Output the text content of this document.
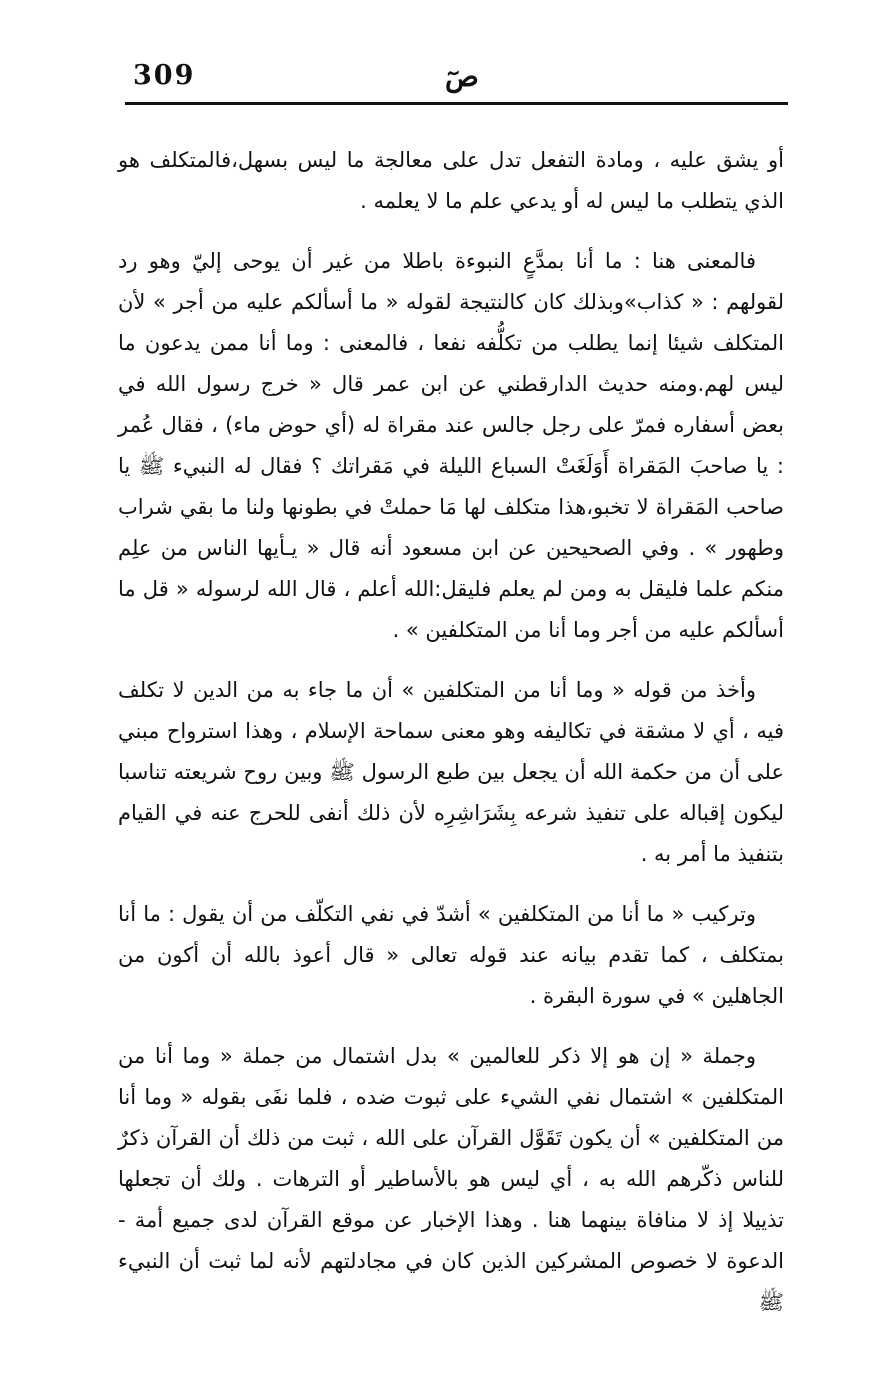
309	صٓ

أو يشق عليه ، ومادة التفعل تدل على معالجة ما ليس بسهل،فالمتكلف هو الذي يتطلب ما ليس له أو يدعي علم ما لا يعلمه .

فالمعنى هنا : ما أنا بمدَّعٍ النبوءة باطلا من غير أن يوحى إليّ وهو رد لقولهم : « كذاب»وبذلك كان كالنتيجة لقوله « ما أسألكم عليه من أجر » لأن المتكلف شيئا إنما يطلب من تكلُّفه نفعا ، فالمعنى : وما أنا ممن يدعون ما ليس لهم.ومنه حديث الدارقطني عن ابن عمر قال « خرج رسول الله في بعض أسفاره فمرّ على رجل جالس عند مقراة له (أي حوض ماء) ، فقال عُمر : يا صاحبَ المَقراة أَوَلَغَتْ السباع الليلة في مَقراتك ؟ فقال له النبيء ﷺ يا صاحب المَقراة لا تخبو،هذا متكلف لها مَا حملتْ في بطونها ولنا ما بقي شراب وطهور » . وفي الصحيحين عن ابن مسعود أنه قال « يـأيها الناس من علِم منكم علما فليقل به ومن لم يعلم فليقل:الله أعلم ، قال الله لرسوله « قل ما أسألكم عليه من أجر وما أنا من المتكلفين » .

وأخذ من قوله « وما أنا من المتكلفين » أن ما جاء به من الدين لا تكلف فيه ، أي لا مشقة في تكاليفه وهو معنى سماحة الإسلام ، وهذا استرواح مبني على أن من حكمة الله أن يجعل بين طبع الرسول ﷺ وبين روح شريعته تناسبا ليكون إقباله على تنفيذ شرعه بِشَرَاشِرِه لأن ذلك أنفى للحرج عنه في القيام بتنفيذ ما أمر به .

وتركيب « ما أنا من المتكلفين » أشدّ في نفي التكلّف من أن يقول : ما أنا بمتكلف ، كما تقدم بيانه عند قوله تعالى « قال أعوذ بالله أن أكون من الجاهلين » في سورة البقرة .

وجملة « إن هو إلا ذكر للعالمين » بدل اشتمال من جملة « وما أنا من المتكلفين » اشتمال نفي الشيء على ثبوت ضده ، فلما نفَى بقوله « وما أنا من المتكلفين » أن يكون تَقَوَّل القرآن على الله ، ثبت من ذلك أن القرآن ذكرٌ للناس ذكّرهم الله به ، أي ليس هو بالأساطير أو الترهات . ولك أن تجعلها تذييلا إذ لا منافاة بينهما هنا . وهذا الإخبار عن موقع القرآن لدى جميع أمة - الدعوة لا خصوص المشركين الذين كان في مجادلتهم لأنه لما ثبت أن النبيء ﷺ
